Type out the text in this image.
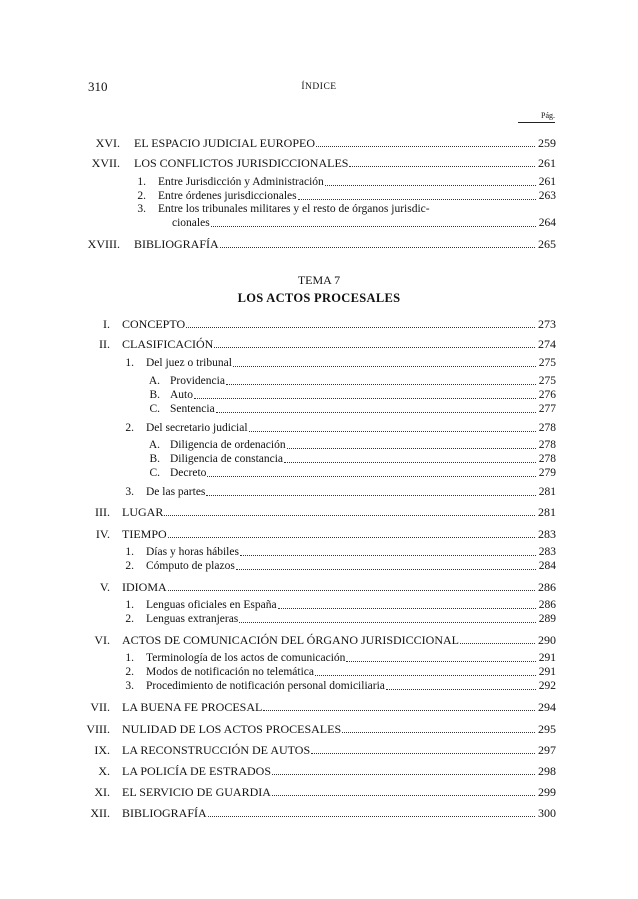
310	ÍNDICE
Pág.
XVI. EL ESPACIO JUDICIAL EUROPEO	259
XVII. LOS CONFLICTOS JURISDICCIONALES	261
1. Entre Jurisdicción y Administración	261
2. Entre órdenes jurisdiccionales	263
3. Entre los tribunales militares y el resto de órganos jurisdic-
cionales	264
XVIII. BIBLIOGRAFÍA	265
TEMA 7
LOS ACTOS PROCESALES
I. CONCEPTO	273
II. CLASIFICACIÓN	274
1. Del juez o tribunal	275
A. Providencia	275
B. Auto	276
C. Sentencia	277
2. Del secretario judicial	278
A. Diligencia de ordenación	278
B. Diligencia de constancia	278
C. Decreto	279
3. De las partes	281
III. LUGAR	281
IV. TIEMPO	283
1. Días y horas hábiles	283
2. Cómputo de plazos	284
V. IDIOMA	286
1. Lenguas oficiales en España	286
2. Lenguas extranjeras	289
VI. ACTOS DE COMUNICACIÓN DEL ÓRGANO JURISDICCIONAL	290
1. Terminología de los actos de comunicación	291
2. Modos de notificación no telemática	291
3. Procedimiento de notificación personal domiciliaria	292
VII. LA BUENA FE PROCESAL	294
VIII. NULIDAD DE LOS ACTOS PROCESALES	295
IX. LA RECONSTRUCCIÓN DE AUTOS	297
X. LA POLICÍA DE ESTRADOS	298
XI. EL SERVICIO DE GUARDIA	299
XII. BIBLIOGRAFÍA	300
